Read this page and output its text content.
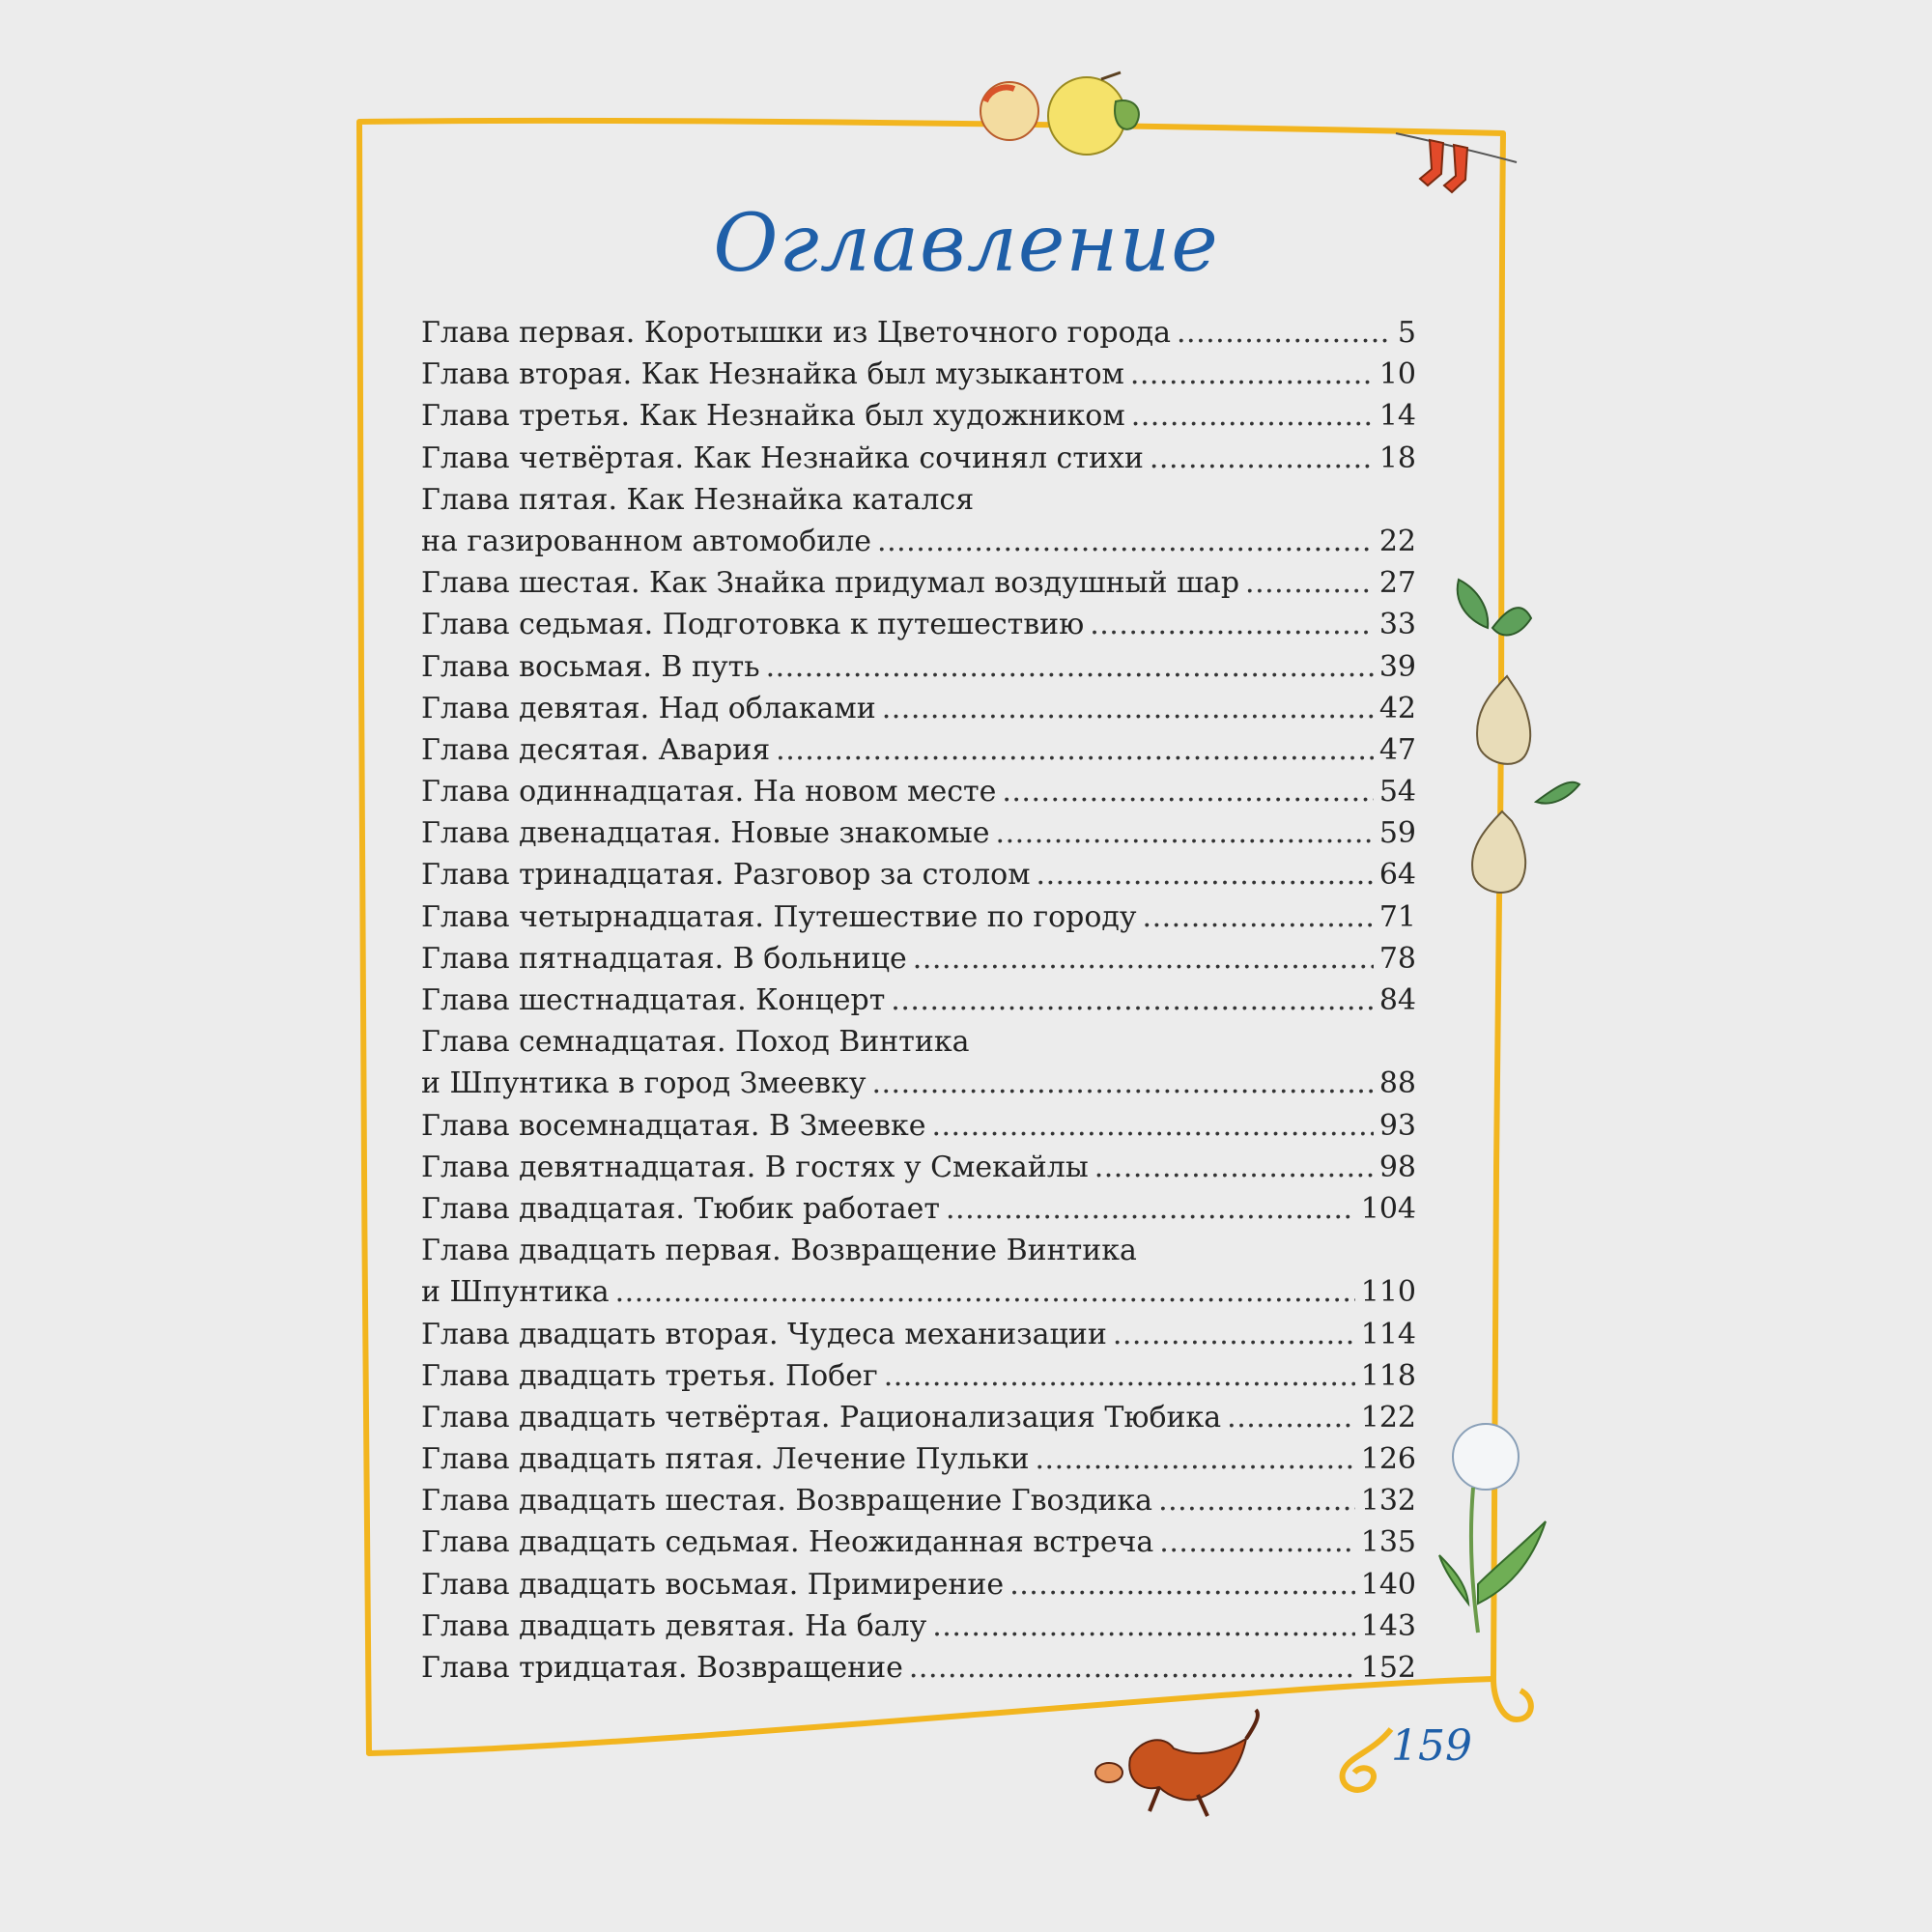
Оглавление
Глава первая. Коротышки из Цветочного города .....	5
Глава вторая. Как Незнайка был музыкантом .....	10
Глава третья. Как Незнайка был художником .....	14
Глава четвёртая. Как Незнайка сочинял стихи .....	18
Глава пятая. Как Незнайка катался
на газированном автомобиле .....	22
Глава шестая. Как Знайка придумал воздушный шар .....	27
Глава седьмая. Подготовка к путешествию .....	33
Глава восьмая. В путь .....	39
Глава девятая. Над облаками .....	42
Глава десятая. Авария .....	47
Глава одиннадцатая. На новом месте .....	54
Глава двенадцатая. Новые знакомые .....	59
Глава тринадцатая. Разговор за столом .....	64
Глава четырнадцатая. Путешествие по городу .....	71
Глава пятнадцатая. В больнице .....	78
Глава шестнадцатая. Концерт .....	84
Глава семнадцатая. Поход Винтика
и Шпунтика в город Змеевку .....	88
Глава восемнадцатая. В Змеевке .....	93
Глава девятнадцатая. В гостях у Смекайлы .....	98
Глава двадцатая. Тюбик работает .....	104
Глава двадцать первая. Возвращение Винтика
и Шпунтика .....	110
Глава двадцать вторая. Чудеса механизации .....	114
Глава двадцать третья. Побег .....	118
Глава двадцать четвёртая. Рационализация Тюбика .....	122
Глава двадцать пятая. Лечение Пульки .....	126
Глава двадцать шестая. Возвращение Гвоздика .....	132
Глава двадцать седьмая. Неожиданная встреча .....	135
Глава двадцать восьмая. Примирение .....	140
Глава двадцать девятая. На балу .....	143
Глава тридцатая. Возвращение .....	152
159
